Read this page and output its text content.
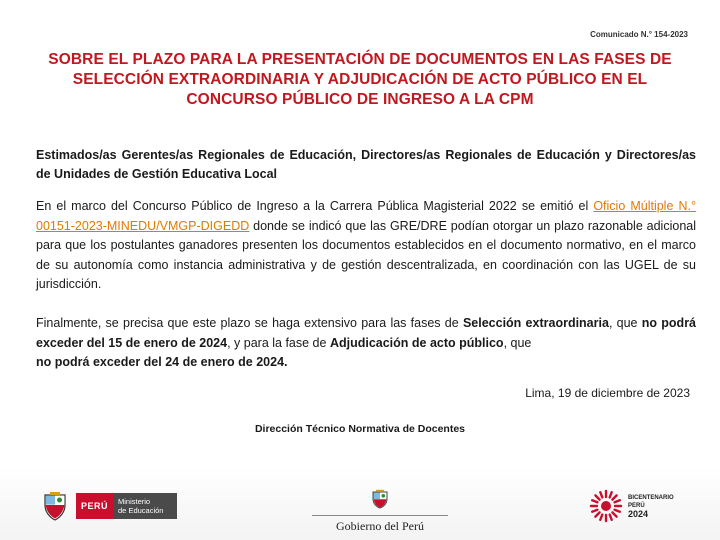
Comunicado N.° 154-2023
SOBRE EL PLAZO PARA LA PRESENTACIÓN DE DOCUMENTOS EN LAS FASES DE SELECCIÓN EXTRAORDINARIA Y ADJUDICACIÓN DE ACTO PÚBLICO EN EL CONCURSO PÚBLICO DE INGRESO A LA CPM
Estimados/as Gerentes/as Regionales de Educación, Directores/as Regionales de Educación y Directores/as de Unidades de Gestión Educativa Local
En el marco del Concurso Público de Ingreso a la Carrera Pública Magisterial 2022 se emitió el Oficio Múltiple N.° 00151-2023-MINEDU/VMGP-DIGEDD donde se indicó que las GRE/DRE podían otorgar un plazo razonable adicional para que los postulantes ganadores presenten los documentos establecidos en el documento normativo, en el marco de su autonomía como instancia administrativa y de gestión descentralizada, en coordinación con las UGEL de su jurisdicción.
Finalmente, se precisa que este plazo se haga extensivo para las fases de Selección extraordinaria, que no podrá exceder del 15 de enero de 2024, y para la fase de Adjudicación de acto público, que
no podrá exceder del 24 de enero de 2024.
Lima, 19 de diciembre de 2023
Dirección Técnico Normativa de Docentes
PERÚ	Ministerio
de Educación
Gobierno del Perú
BICENTENARIO
PERÚ
2024
